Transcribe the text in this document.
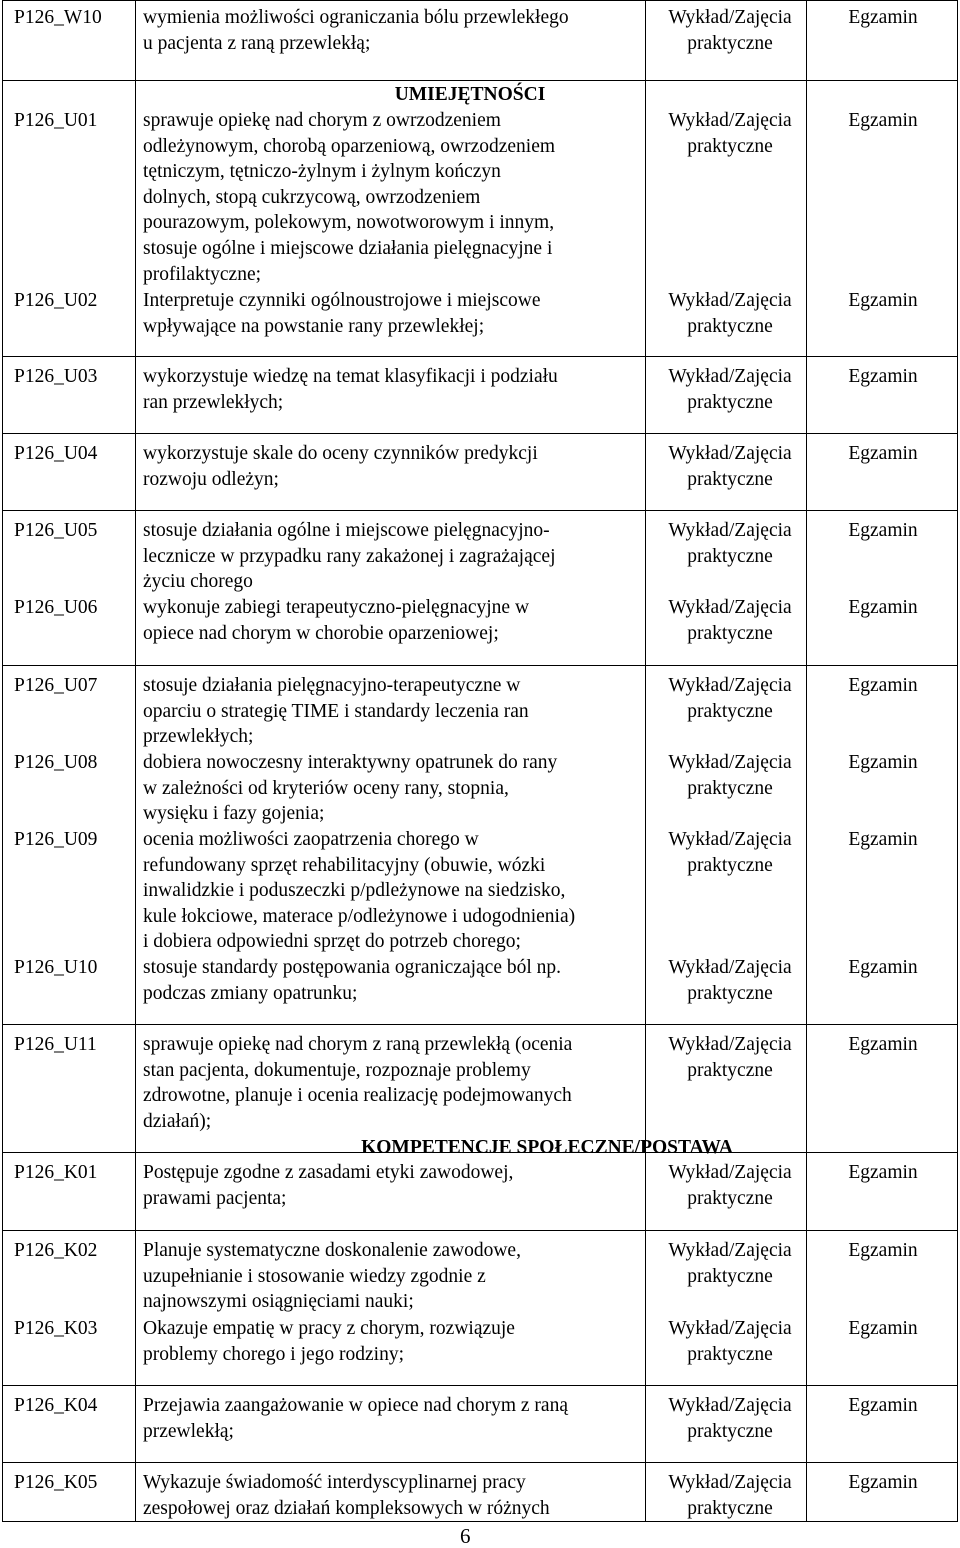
P126_W10 wymienia możliwości ograniczania bólu przewlekłego
u pacjenta z raną przewlekłą;
Wykład/Zajęcia praktyczne
Egzamin
P126_U01 sprawuje opiekę nad chorym z owrzodzeniem
odleżynowym, chorobą oparzeniową, owrzodzeniem
tętniczym, tętniczo-żylnym i żylnym kończyn
dolnych, stopą cukrzycową, owrzodzeniem
pourazowym, polekowym, nowotworowym i innym,
stosuje ogólne i miejscowe działania pielęgnacyjne i
profilaktyczne;
Wykład/Zajęcia praktyczne
Egzamin
P126_U02 Interpretuje czynniki ogólnoustrojowe i miejscowe
wpływające na powstanie rany przewlekłej;
Wykład/Zajęcia praktyczne
Egzamin
P126_U03 wykorzystuje wiedzę na temat klasyfikacji i podziału
ran przewlekłych;
Wykład/Zajęcia praktyczne
Egzamin
P126_U04 wykorzystuje skale do oceny czynników predykcji
rozwoju odleżyn;
Wykład/Zajęcia praktyczne
Egzamin
P126_U05 stosuje działania ogólne i miejscowe pielęgnacyjno-
lecznicze w przypadku rany zakażonej i zagrażającej
życiu chorego
Wykład/Zajęcia praktyczne
Egzamin
P126_U06 wykonuje zabiegi terapeutyczno-pielęgnacyjne w
opiece nad chorym w chorobie oparzeniowej;
Wykład/Zajęcia praktyczne
Egzamin
P126_U07 stosuje działania pielęgnacyjno-terapeutyczne w
oparciu o strategię TIME i standardy leczenia ran
przewlekłych;
Wykład/Zajęcia praktyczne
Egzamin
P126_U08 dobiera nowoczesny interaktywny opatrunek do rany
w zależności od kryteriów oceny rany, stopnia,
wysięku i fazy gojenia;
Wykład/Zajęcia praktyczne
Egzamin
P126_U09 ocenia możliwości zaopatrzenia chorego w
refundowany sprzęt rehabilitacyjny (obuwie, wózki
inwalidzkie i poduszeczki p/pdleżynowe na siedzisko,
kule łokciowe, materace p/odleżynowe i udogodnienia)
i dobiera odpowiedni sprzęt do potrzeb chorego;
Wykład/Zajęcia praktyczne
Egzamin
P126_U10 stosuje standardy postępowania ograniczające ból np.
podczas zmiany opatrunku;
Wykład/Zajęcia praktyczne
Egzamin
P126_U11 sprawuje opiekę nad chorym z raną przewlekłą (ocenia
stan pacjenta, dokumentuje, rozpoznaje problemy
zdrowotne, planuje i ocenia realizację podejmowanych
działań);
Wykład/Zajęcia praktyczne
Egzamin
P126_K01 Postępuje zgodne z zasadami etyki zawodowej,
prawami pacjenta;
Wykład/Zajęcia praktyczne
Egzamin
P126_K02 Planuje systematyczne doskonalenie zawodowe,
uzupełnianie i stosowanie wiedzy zgodnie z
najnowszymi osiągnięciami nauki;
Wykład/Zajęcia praktyczne
Egzamin
P126_K03 Okazuje empatię w pracy z chorym, rozwiązuje
problemy chorego i jego rodziny;
Wykład/Zajęcia praktyczne
Egzamin
P126_K04 Przejawia zaangażowanie w opiece nad chorym z raną
przewlekłą;
Wykład/Zajęcia praktyczne
Egzamin
P126_K05 Wykazuje świadomość interdyscyplinarnej pracy
zespołowej oraz działań kompleksowych w różnych
Wykład/Zajęcia praktyczne
Egzamin
UMIEJĘTNOŚCI
KOMPETENCJE SPOŁECZNE/POSTAWA
6
